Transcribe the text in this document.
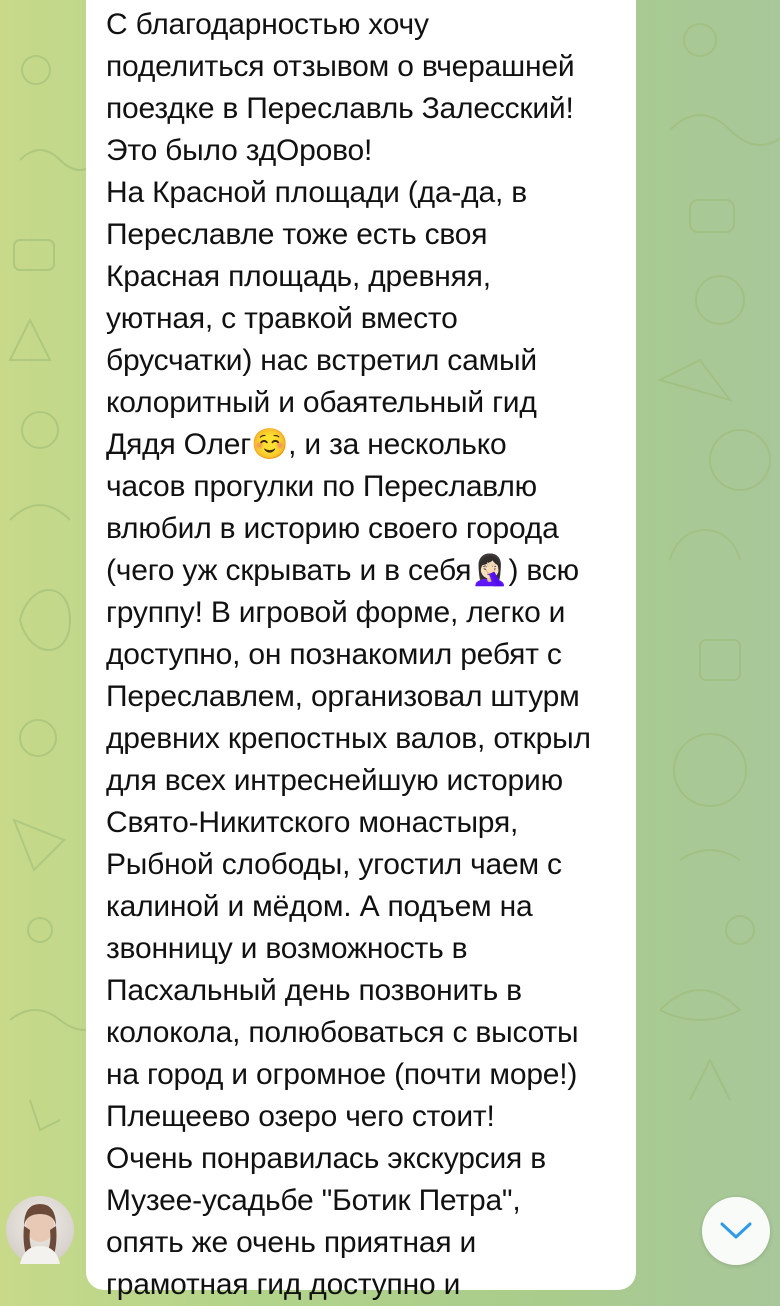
С благодарностью хочу
поделиться отзывом о вчерашней
поездке в Переславль Залесский!
Это было здОрово!
На Красной площади (да-да, в
Переславле тоже есть своя
Красная площадь, древняя,
уютная, с травкой вместо
брусчатки) нас встретил самый
колоритный и обаятельный гид
Дядя Олег☺️, и за несколько
часов прогулки по Переславлю
влюбил в историю своего города
(чего уж скрывать и в себя🤦🏻‍♀️) всю
группу! В игровой форме, легко и
доступно, он познакомил ребят с
Переславлем, организовал штурм
древних крепостных валов, открыл
для всех интреснейшую историю
Свято-Никитского монастыря,
Рыбной слободы, угостил чаем с
калиной и мёдом. А подъем на
звонницу и возможность в
Пасхальный день позвонить в
колокола, полюбоваться с высоты
на город и огромное (почти море!)
Плещеево озеро чего стоит!
Очень понравилась экскурсия в
Музее-усадьбе "Ботик Петра",
опять же очень приятная и
грамотная гид доступно и
